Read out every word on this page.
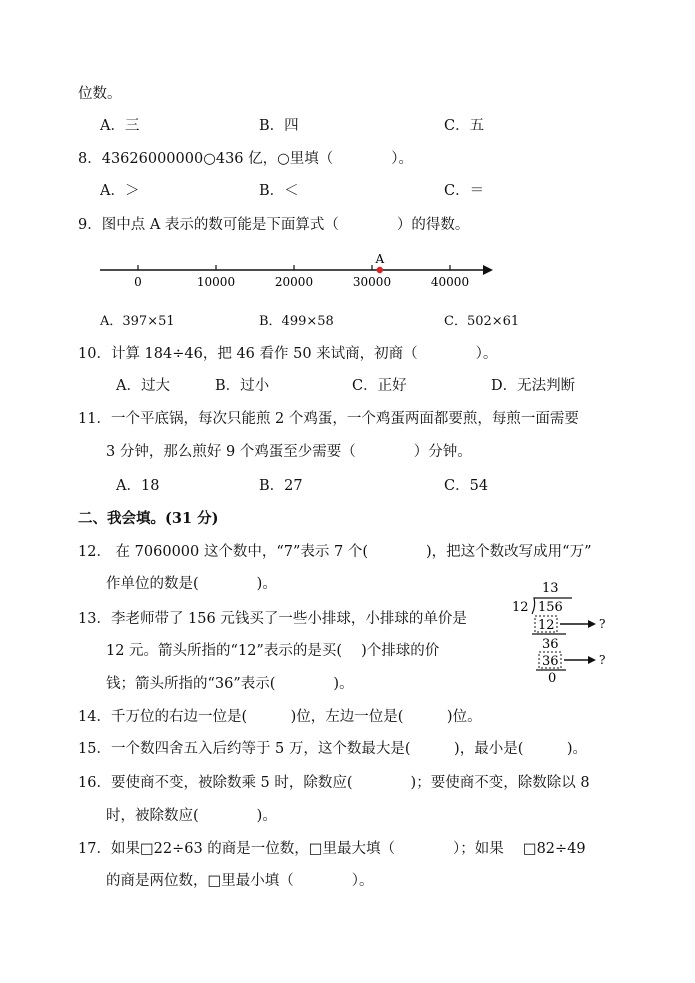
位数。
A．三	B．四	C．五
8．43626000000○436 亿，○里填（　　　　）。
A．＞	B．＜	C．＝
9．图中点 A 表示的数可能是下面算式（　　　　）的得数。
0	10000	20000	30000	40000
A
A．397×51	B．499×58	C．502×61
10．计算 184÷46，把 46 看作 50 来试商，初商（　　　　）。
A．过大	B．过小	C．正好	D．无法判断
11．一个平底锅，每次只能煎 2 个鸡蛋，一个鸡蛋两面都要煎，每煎一面需要
3 分钟，那么煎好 9 个鸡蛋至少需要（　　　　）分钟。
A．18	B．27	C．54
二、我会填。(31 分)
12． 在 7060000 这个数中，“7”表示 7 个(　　　　)，把这个数改写成用“万”
作单位的数是(　　　　)。
13．李老师带了 156 元钱买了一些小排球，小排球的单价是
12 元。箭头所指的“12”表示的是买(　 )个排球的价
钱；箭头所指的“36”表示(　　　　)。
13
12 156
12	?
36
36	?
0
14．千万位的右边一位是(　　　)位，左边一位是(　　　)位。
15．一个数四舍五入后约等于 5 万，这个数最大是(　　　)，最小是(　　　)。
16．要使商不变，被除数乘 5 时，除数应(　　　　)；要使商不变，除数除以 8
时，被除数应(　　　　)。
17．如果□22÷63 的商是一位数，□里最大填（　　　　）；如果　 □82÷49
的商是两位数，□里最小填（　　　　）。
